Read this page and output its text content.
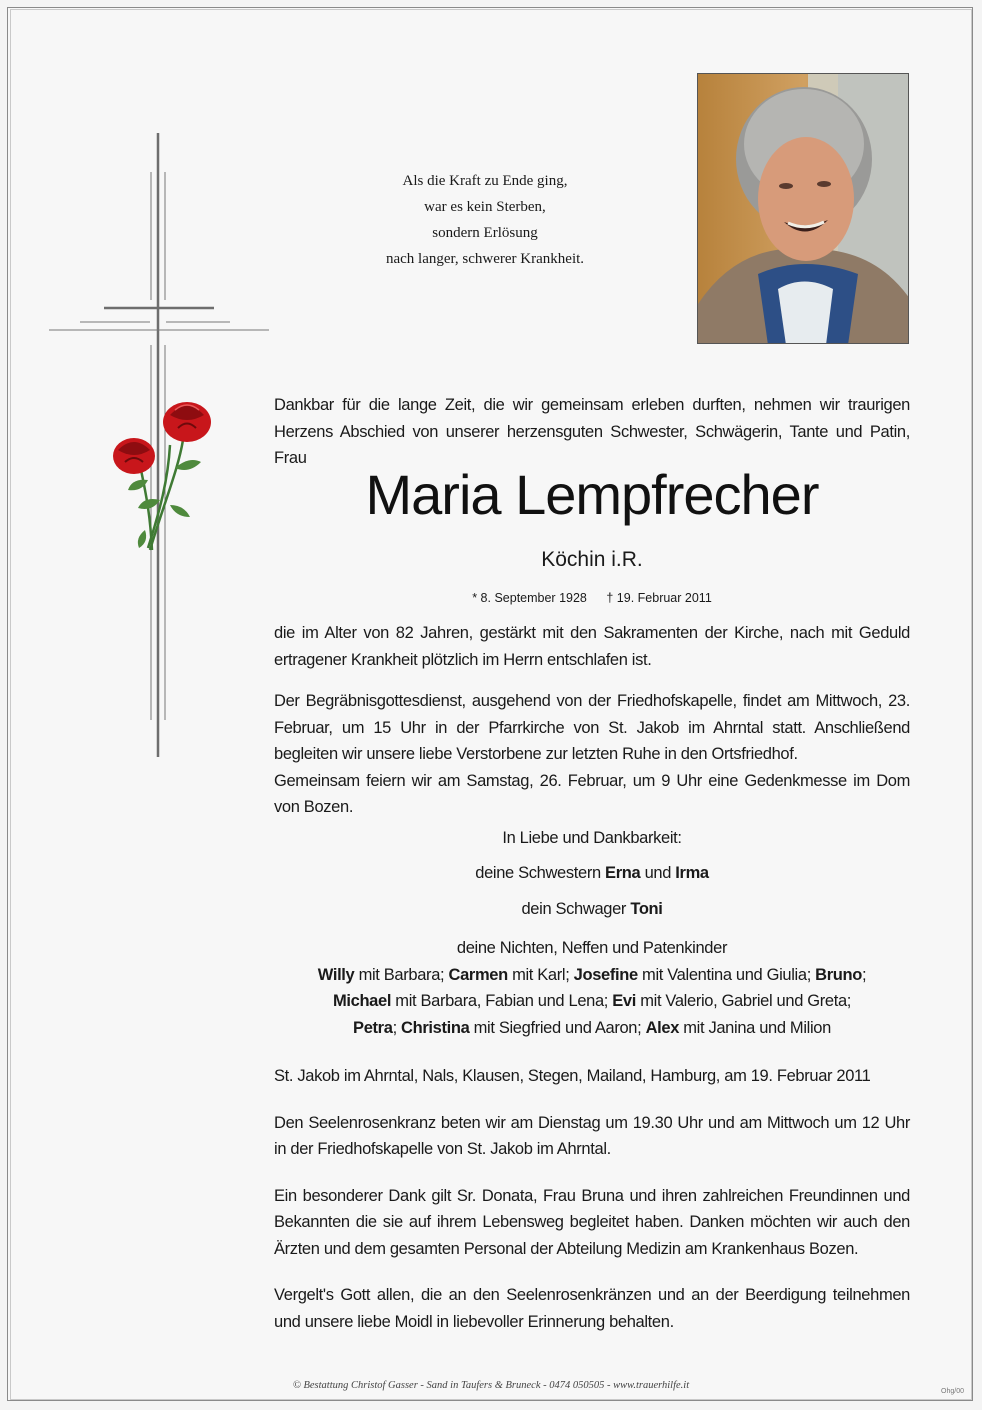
Als die Kraft zu Ende ging,
war es kein Sterben,
sondern Erlösung
nach langer, schwerer Krankheit.

Dankbar für die lange Zeit, die wir gemeinsam erleben durften, nehmen wir traurigen Herzens Abschied von unserer herzensguten Schwester, Schwägerin, Tante und Patin, Frau

Maria Lempfrecher
Köchin i.R.
* 8. September 1928 † 19. Februar 2011

die im Alter von 82 Jahren, gestärkt mit den Sakramenten der Kirche, nach mit Geduld ertragener Krankheit plötzlich im Herrn entschlafen ist.

Der Begräbnisgottesdienst, ausgehend von der Friedhofskapelle, findet am Mittwoch, 23. Februar, um 15 Uhr in der Pfarrkirche von St. Jakob im Ahrntal statt. Anschließend begleiten wir unsere liebe Verstorbene zur letzten Ruhe in den Ortsfriedhof.

Gemeinsam feiern wir am Samstag, 26. Februar, um 9 Uhr eine Gedenkmesse im Dom von Bozen.

In Liebe und Dankbarkeit:
deine Schwestern Erna und Irma
dein Schwager Toni
deine Nichten, Neffen und Patenkinder
Willy mit Barbara; Carmen mit Karl; Josefine mit Valentina und Giulia; Bruno;
Michael mit Barbara, Fabian und Lena; Evi mit Valerio, Gabriel und Greta;
Petra; Christina mit Siegfried und Aaron; Alex mit Janina und Milion

St. Jakob im Ahrntal, Nals, Klausen, Stegen, Mailand, Hamburg, am 19. Februar 2011

Den Seelenrosenkranz beten wir am Dienstag um 19.30 Uhr und am Mittwoch um 12 Uhr in der Friedhofskapelle von St. Jakob im Ahrntal.

Ein besonderer Dank gilt Sr. Donata, Frau Bruna und ihren zahlreichen Freundinnen und Bekannten die sie auf ihrem Lebensweg begleitet haben. Danken möchten wir auch den Ärzten und dem gesamten Personal der Abteilung Medizin am Krankenhaus Bozen.

Vergelt's Gott allen, die an den Seelenrosenkränzen und an der Beerdigung teilnehmen und unsere liebe Moidl in liebevoller Erinnerung behalten.

© Bestattung Christof Gasser - Sand in Taufers & Bruneck - 0474 050505 - www.trauerhilfe.it
Ohg/00
